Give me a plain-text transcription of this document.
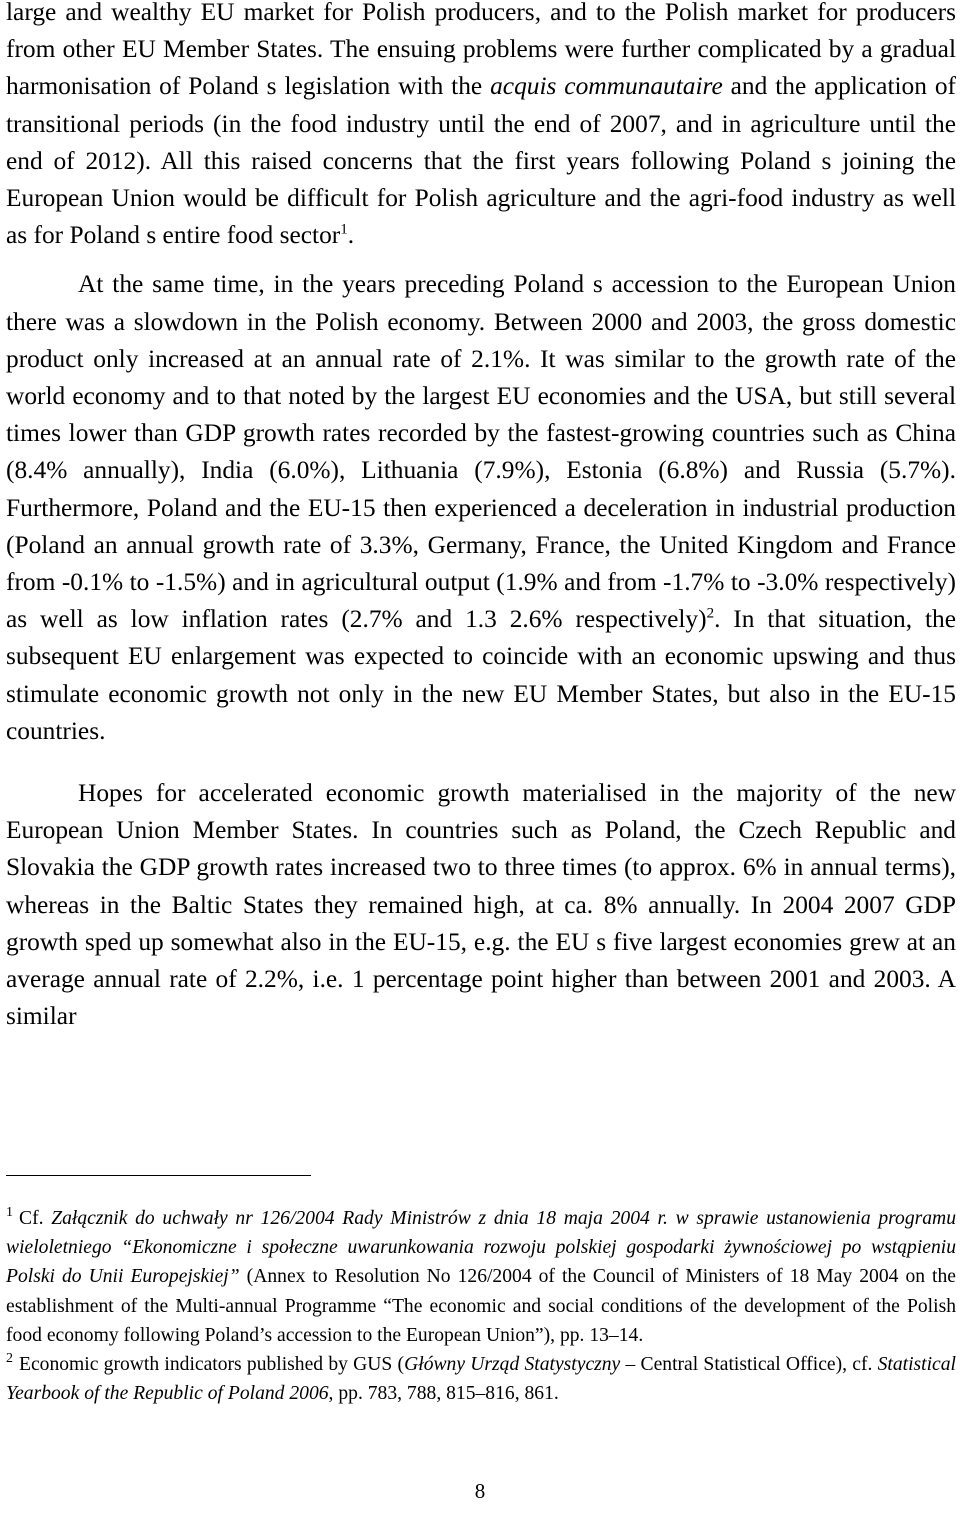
large and wealthy EU market for Polish producers, and to the Polish market for producers from other EU Member States. The ensuing problems were further complicated by a gradual harmonisation of Poland s legislation with the acquis communautaire and the application of transitional periods (in the food industry until the end of 2007, and in agriculture until the end of 2012). All this raised concerns that the first years following Poland s joining the European Union would be difficult for Polish agriculture and the agri-food industry as well as for Poland s entire food sector$^1$.

At the same time, in the years preceding Poland s accession to the European Union there was a slowdown in the Polish economy. Between 2000 and 2003, the gross domestic product only increased at an annual rate of 2.1%. It was similar to the growth rate of the world economy and to that noted by the largest EU economies and the USA, but still several times lower than GDP growth rates recorded by the fastest-growing countries such as China (8.4% annually), India (6.0%), Lithuania (7.9%), Estonia (6.8%) and Russia (5.7%). Furthermore, Poland and the EU-15 then experienced a deceleration in industrial production (Poland an annual growth rate of 3.3%, Germany, France, the United Kingdom and France from -0.1% to -1.5%) and in agricultural output (1.9% and from -1.7% to -3.0% respectively) as well as low inflation rates (2.7% and 1.3 2.6% respectively)$^2$. In that situation, the subsequent EU enlargement was expected to coincide with an economic upswing and thus stimulate economic growth not only in the new EU Member States, but also in the EU-15 countries.

Hopes for accelerated economic growth materialised in the majority of the new European Union Member States. In countries such as Poland, the Czech Republic and Slovakia the GDP growth rates increased two to three times (to approx. 6% in annual terms), whereas in the Baltic States they remained high, at ca. 8% annually. In 2004 2007 GDP growth sped up somewhat also in the EU-15, e.g. the EU s five largest economies grew at an average annual rate of 2.2%, i.e. 1 percentage point higher than between 2001 and 2003. A similar

$^1$ Cf. Załącznik do uchwały nr 126/2004 Rady Ministrów z dnia 18 maja 2004 r. w sprawie ustanowienia programu wieloletniego “Ekonomiczne i społeczne uwarunkowania rozwoju polskiej gospodarki żywnościowej po wstąpieniu Polski do Unii Europejskiej” (Annex to Resolution No 126/2004 of the Council of Ministers of 18 May 2004 on the establishment of the Multi-annual Programme “The economic and social conditions of the development of the Polish food economy following Poland’s accession to the European Union”), pp. 13–14.

$^2$ Economic growth indicators published by GUS (Główny Urząd Statystyczny – Central Statistical Office), cf. Statistical Yearbook of the Republic of Poland 2006, pp. 783, 788, 815–816, 861.

8
